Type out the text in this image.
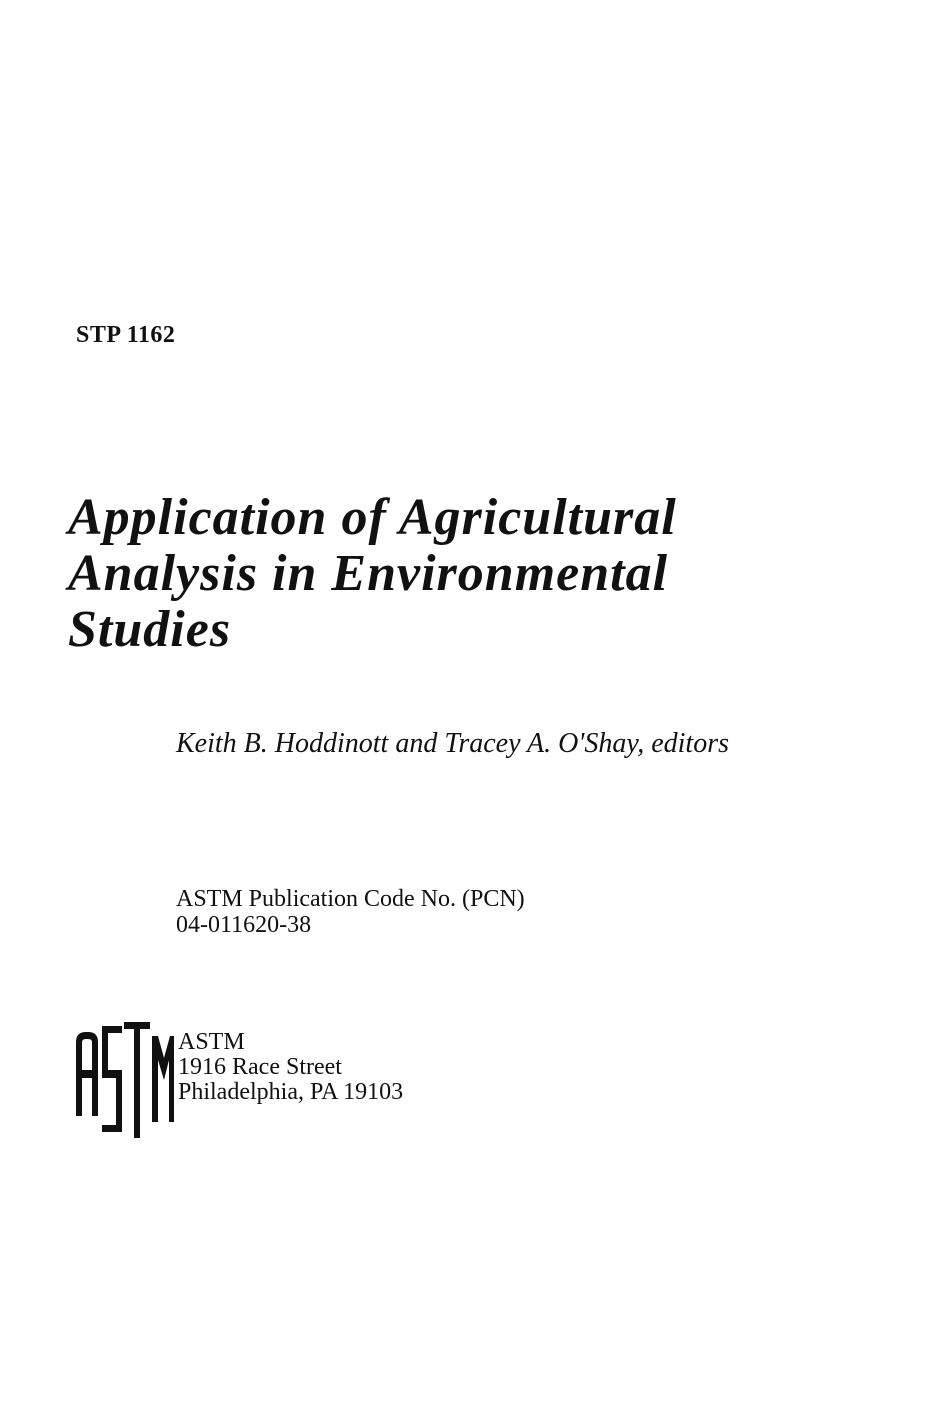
STP 1162
Application of Agricultural
Analysis in Environmental
Studies
Keith B. Hoddinott and Tracey A. O'Shay, editors
ASTM Publication Code No. (PCN)
04-011620-38
ASTM
1916 Race Street
Philadelphia, PA 19103
